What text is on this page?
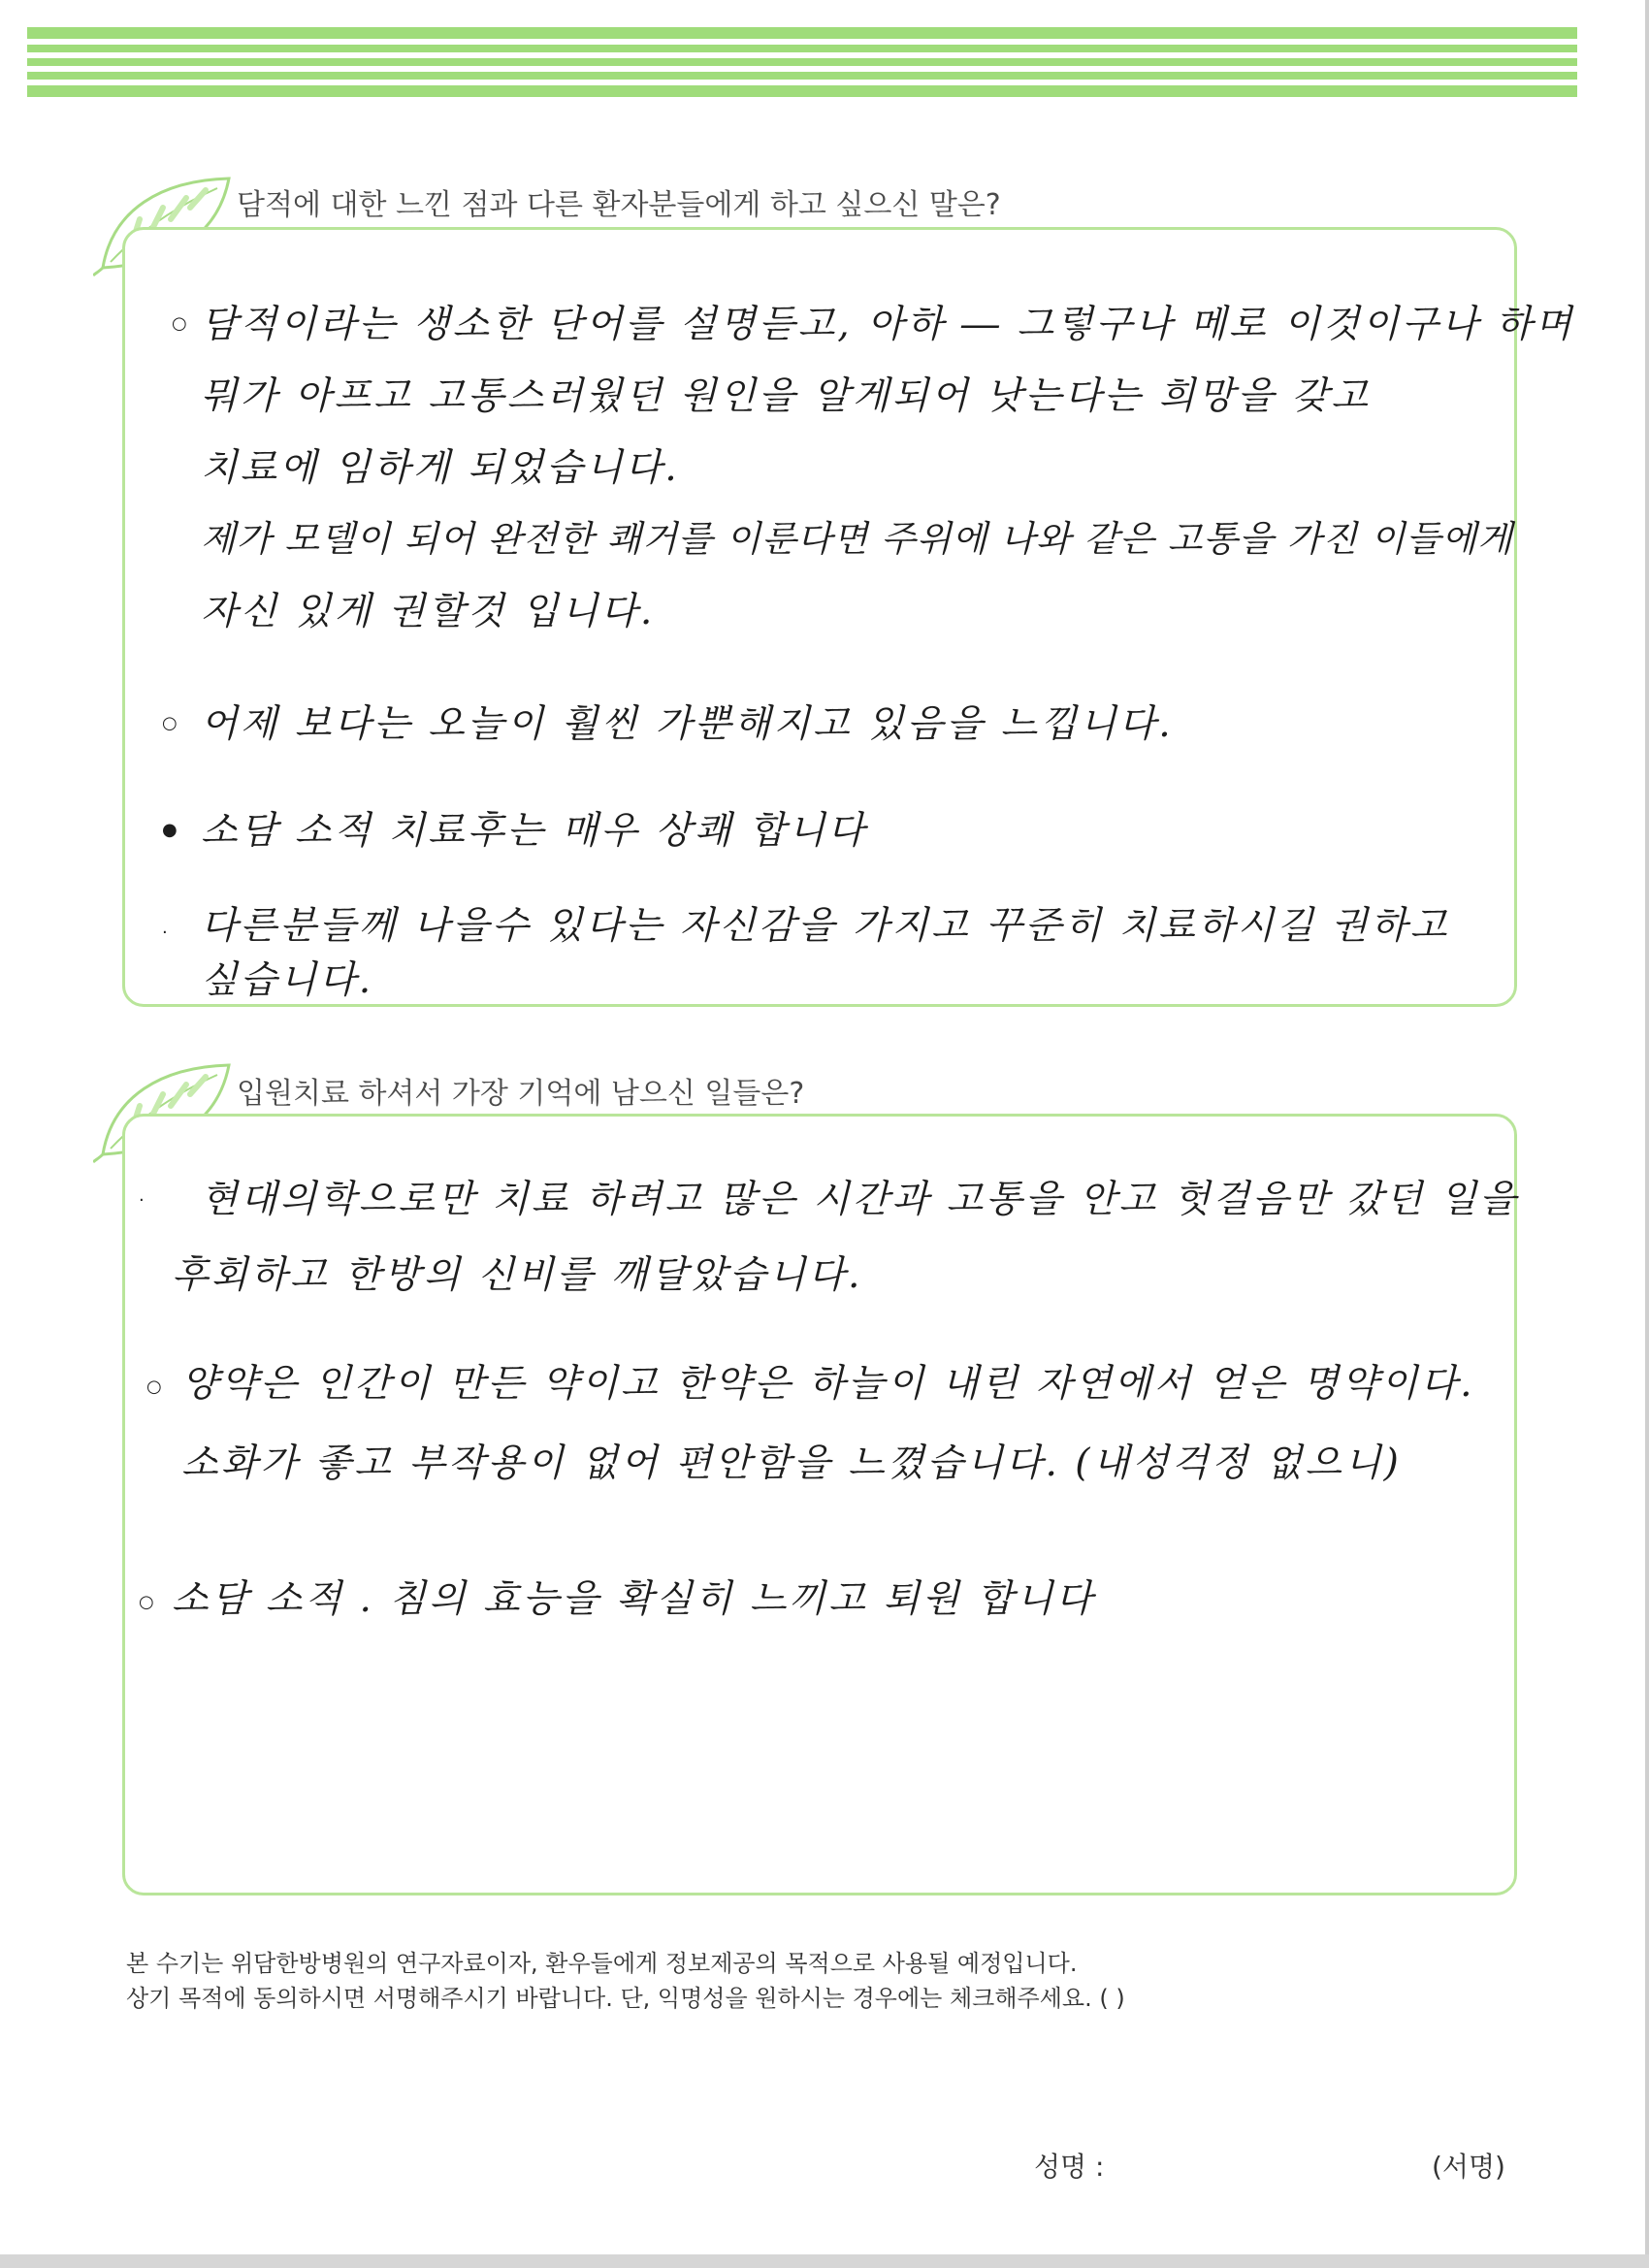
담적에 대한 느낀 점과 다른 환자분들에게 하고 싶으신 말은?
○ 담적이라는 생소한 단어를 설명듣고, 아하 ― 그렇구나 메로 이것이구나 하며
뭐가 아프고 고통스러웠던 원인을 알게되어 낫는다는 희망을 갖고
치료에 임하게 되었습니다.
제가 모델이 되어 완전한 쾌거를 이룬다면 주위에 나와 같은 고통을 가진 이들에게
자신 있게 권할것 입니다.
○ 어제 보다는 오늘이 훨씬 가뿐해지고 있음을 느낍니다.
● 소담 소적 치료후는 매우 상쾌 합니다
· 다른분들께 나을수 있다는 자신감을 가지고 꾸준히 치료하시길 권하고
싶습니다.
입원치료 하셔서 가장 기억에 남으신 일들은?
· 현대의학으로만 치료 하려고 많은 시간과 고통을 안고 헛걸음만 갔던 일을
후회하고 한방의 신비를 깨달았습니다.
○ 양약은 인간이 만든 약이고 한약은 하늘이 내린 자연에서 얻은 명약이다.
소화가 좋고 부작용이 없어 편안함을 느꼈습니다. (내성걱정 없으니)
○ 소담 소적 . 침의 효능을 확실히 느끼고 퇴원 합니다
본 수기는 위담한방병원의 연구자료이자, 환우들에게 정보제공의 목적으로 사용될 예정입니다.
상기 목적에 동의하시면 서명해주시기 바랍니다. 단, 익명성을 원하시는 경우에는 체크해주세요. ( )
성명 :	(서명)
